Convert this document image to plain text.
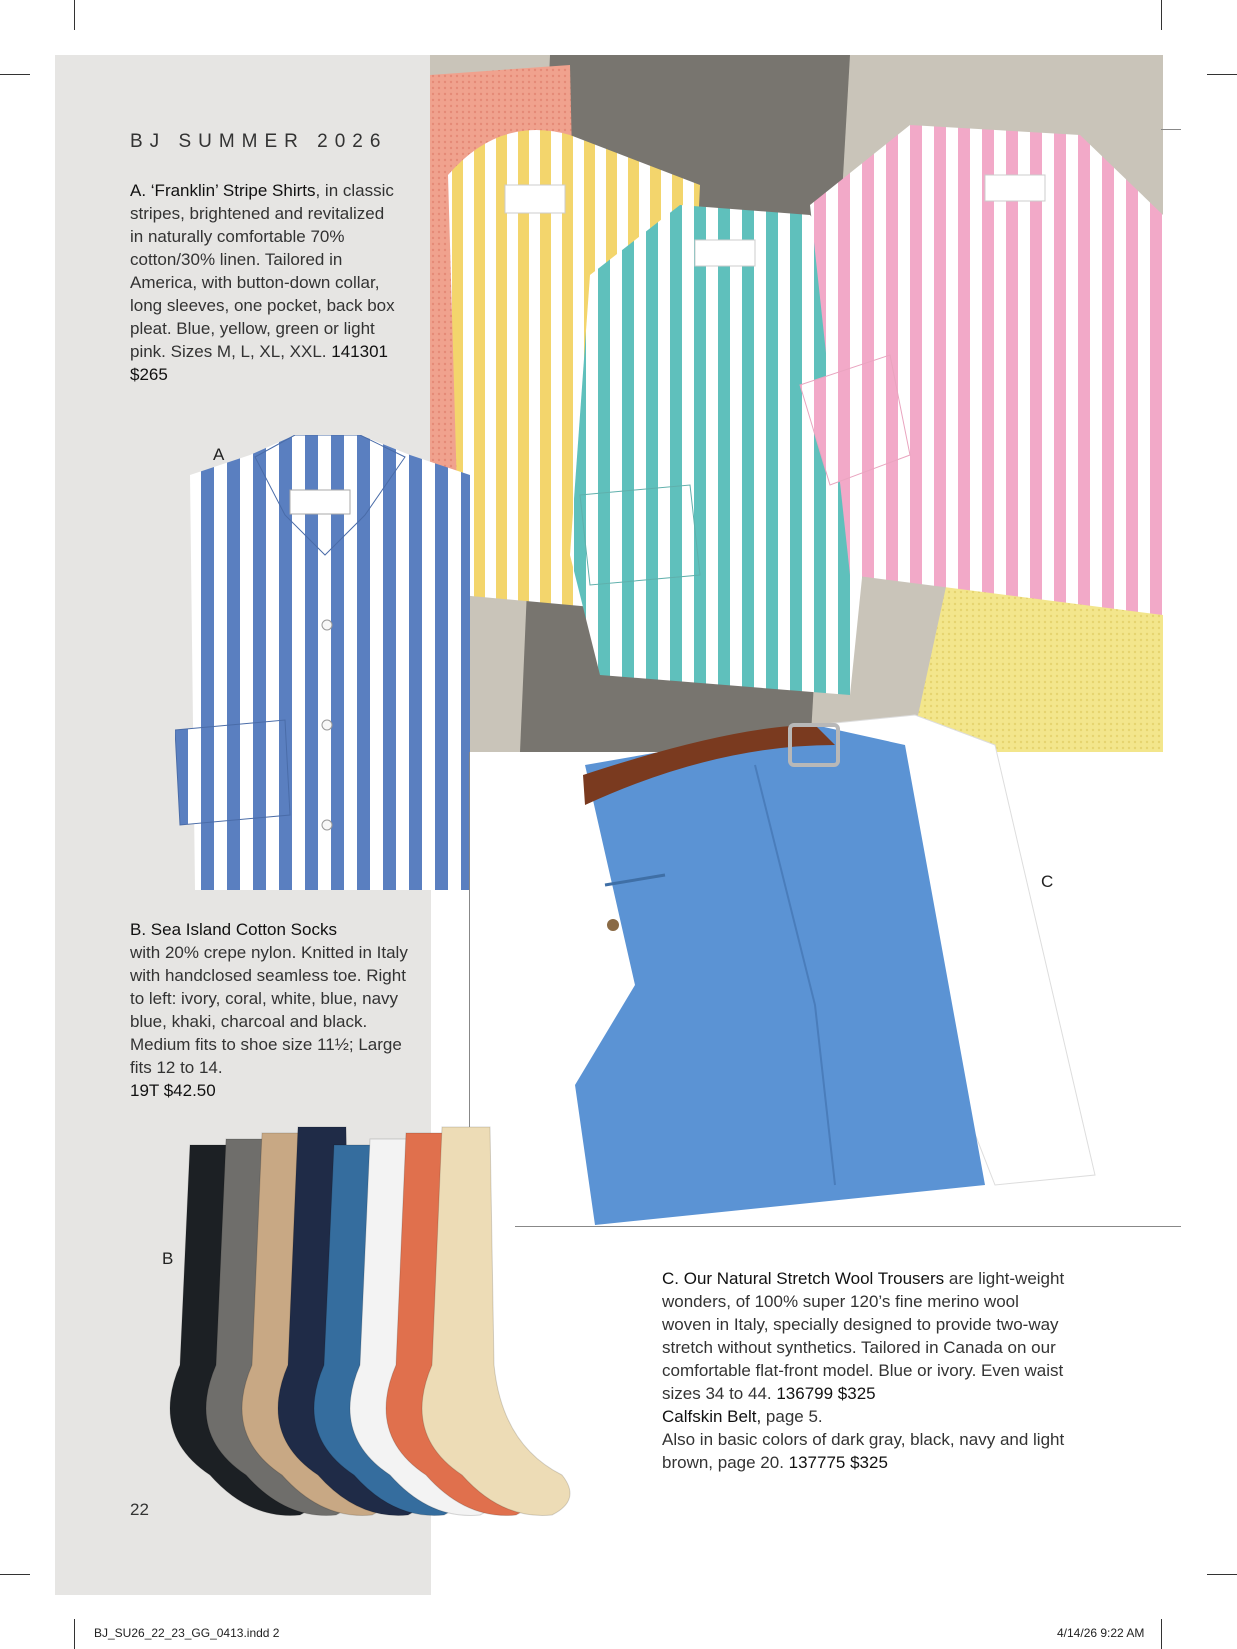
A
B
C
BJ SUMMER 2026
A. ‘Franklin’ Stripe Shirts, in classic stripes, brightened and revitalized in naturally comfortable 70% cotton/30% linen. Tailored in America, with button-down collar, long sleeves, one pocket, back box pleat. Blue, yellow, green or light pink. Sizes M, L, XL, XXL. 141301 $265
B. Sea Island Cotton Socks
with 20% crepe nylon. Knitted in Italy with handclosed seamless toe. Right to left: ivory, coral, white, blue, navy blue, khaki, charcoal and black. Medium fits to shoe size 11½; Large fits 12 to 14.
19T $42.50
C. Our Natural Stretch Wool Trousers are light-weight wonders, of 100% super 120’s fine merino wool woven in Italy, specially designed to provide two-way stretch without synthetics. Tailored in Canada on our comfortable flat-front model. Blue or ivory. Even waist sizes 34 to 44. 136799 $325
Calfskin Belt, page 5.
Also in basic colors of dark gray, black, navy and light brown, page 20. 137775 $325
22
BJ_SU26_22_23_GG_0413.indd 2	4/14/26 9:22 AM
